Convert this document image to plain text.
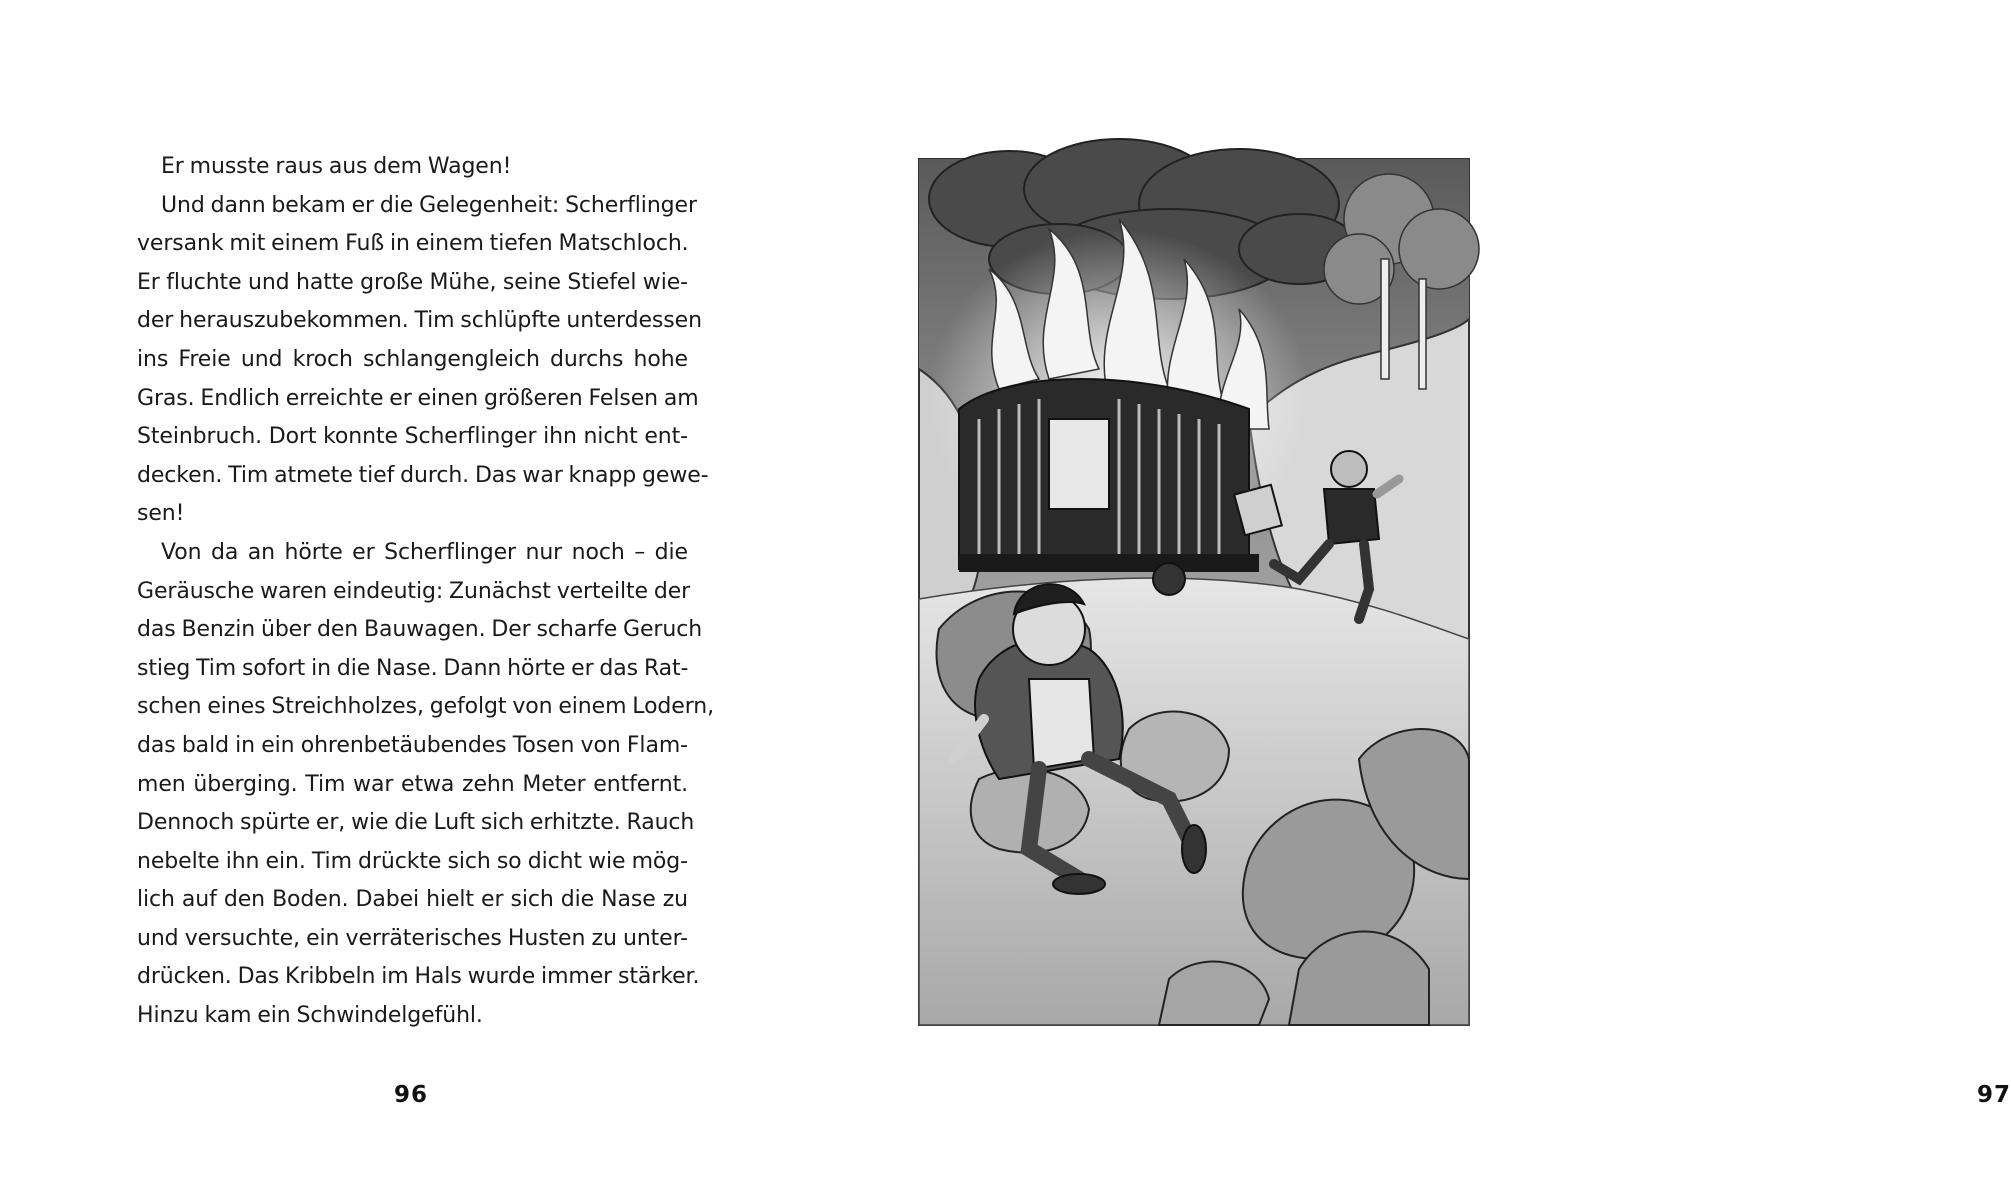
Er musste raus aus dem Wagen!
Und dann bekam er die Gelegenheit: Scherflinger
versank mit einem Fuß in einem tiefen Matschloch.
Er fluchte und hatte große Mühe, seine Stiefel wie-
der herauszubekommen. Tim schlüpfte unterdessen
ins Freie und kroch schlangengleich durchs hohe
Gras. Endlich erreichte er einen größeren Felsen am
Steinbruch. Dort konnte Scherflinger ihn nicht ent-
decken. Tim atmete tief durch. Das war knapp gewe-
sen!
Von da an hörte er Scherflinger nur noch – die
Geräusche waren eindeutig: Zunächst verteilte der
das Benzin über den Bauwagen. Der scharfe Geruch
stieg Tim sofort in die Nase. Dann hörte er das Rat-
schen eines Streichholzes, gefolgt von einem Lodern,
das bald in ein ohrenbetäubendes Tosen von Flam-
men überging. Tim war etwa zehn Meter entfernt.
Dennoch spürte er, wie die Luft sich erhitzte. Rauch
nebelte ihn ein. Tim drückte sich so dicht wie mög-
lich auf den Boden. Dabei hielt er sich die Nase zu
und versuchte, ein verräterisches Husten zu unter-
drücken. Das Kribbeln im Hals wurde immer stärker.
Hinzu kam ein Schwindelgefühl.
96	97
